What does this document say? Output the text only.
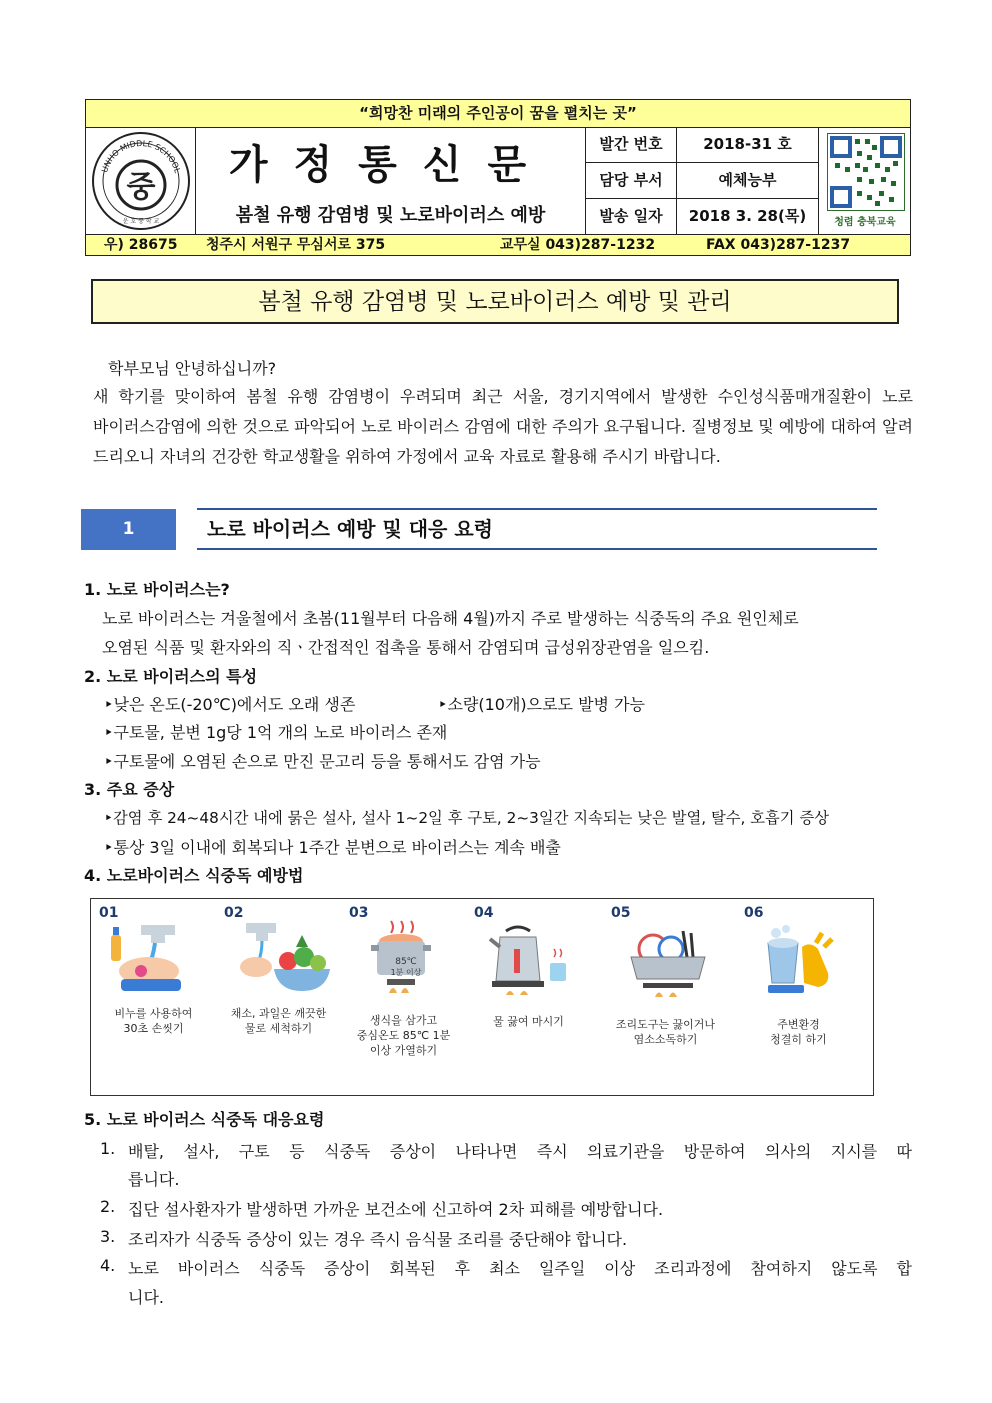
“희망찬 미래의 주인공이 꿈을 펼치는 곳”
UNHO MIDDLE SCHOOL
중
운 호 중 학 교
가정통신문
봄철 유행 감염병 및 노로바이러스 예방
발간 번호	2018-31 호
담당 부서	예체능부
발송 일자	2018 3. 28(목)	청렴 충북교육
우) 28675 청주시 서원구 무심서로 375	교무실 043)287-1232	FAX 043)287-1237
봄철 유행 감염병 및 노로바이러스 예방 및 관리
학부모님 안녕하십니까?
새 학기를 맞이하여 봄철 유행 감염병이 우려되며 최근 서울, 경기지역에서 발생한 수인성식품매개질환이 노로 바이러스감염에 의한 것으로 파악되어 노로 바이러스 감염에 대한 주의가 요구됩니다. 질병정보 및 예방에 대하여 알려 드리오니 자녀의 건강한 학교생활을 위하여 가정에서 교육 자료로 활용해 주시기 바랍니다.
1	노로 바이러스 예방 및 대응 요령
1. 노로 바이러스는?
노로 바이러스는 겨울철에서 초봄(11월부터 다음해 4월)까지 주로 발생하는 식중독의 주요 원인체로
오염된 식품 및 환자와의 직ㆍ간접적인 접촉을 통해서 감염되며 급성위장관염을 일으킴.
2. 노로 바이러스의 특성
‣낮은 온도(-20℃)에서도 오래 생존	‣소량(10개)으로도 발병 가능
‣구토물, 분변 1g당 1억 개의 노로 바이러스 존재
‣구토물에 오염된 손으로 만진 문고리 등을 통해서도 감염 가능
3. 주요 증상
‣감염 후 24~48시간 내에 묽은 설사, 설사 1~2일 후 구토, 2~3일간 지속되는 낮은 발열, 탈수, 호흡기 증상
‣통상 3일 이내에 회복되나 1주간 분변으로 바이러스는 계속 배출
4. 노로바이러스 식중독 예방법
01
비누를 사용하여
30초 손씻기
02
채소, 과일은 깨끗한
물로 세척하기
03
85℃
1분 이상
생식을 삼가고
중심온도 85℃ 1분
이상 가열하기
04
물 끓여 마시기
05
조리도구는 끓이거나
염소소독하기
06
주변환경
청결히 하기
5. 노로 바이러스 식중독 대응요령
1. 배탈, 설사, 구토 등 식중독 증상이 나타나면 즉시 의료기관을 방문하여 의사의 지시를 따
릅니다.
2. 집단 설사환자가 발생하면 가까운 보건소에 신고하여 2차 피해를 예방합니다.
3. 조리자가 식중독 증상이 있는 경우 즉시 음식물 조리를 중단해야 합니다.
4. 노로 바이러스 식중독 증상이 회복된 후 최소 일주일 이상 조리과정에 참여하지 않도록 합
니다.
